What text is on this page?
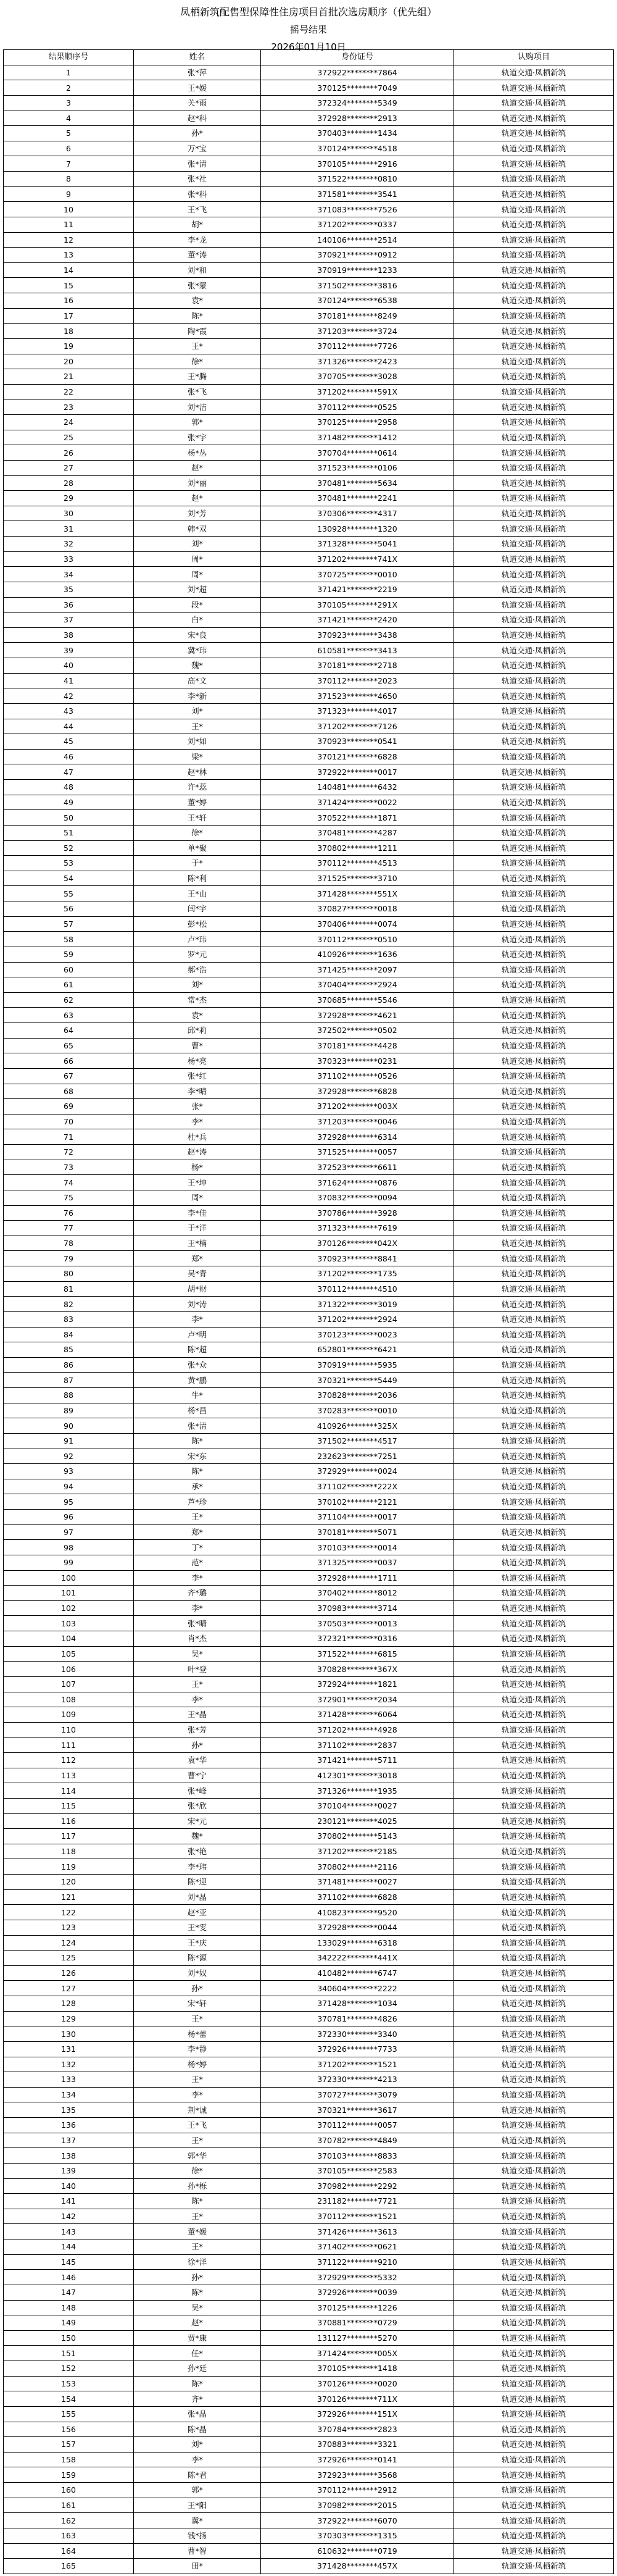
凤栖新筑配售型保障性住房项目首批次选房顺序（优先组）
摇号结果
2026年01月10日
结果顺序号	姓名	身份证号	认购项目
1	张*萍	372922********7864	轨道交通·凤栖新筑
2	王*媛	370125********7049	轨道交通·凤栖新筑
3	关*雨	372324********5349	轨道交通·凤栖新筑
4	赵*科	372928********2913	轨道交通·凤栖新筑
5	孙*	370403********1434	轨道交通·凤栖新筑
6	万*宝	370124********4518	轨道交通·凤栖新筑
7	张*清	370105********2916	轨道交通·凤栖新筑
8	张*社	371522********0810	轨道交通·凤栖新筑
9	张*科	371581********3541	轨道交通·凤栖新筑
10	王*飞	371083********7526	轨道交通·凤栖新筑
11	胡*	371202********0337	轨道交通·凤栖新筑
12	李*龙	140106********2514	轨道交通·凤栖新筑
13	董*涛	370921********0912	轨道交通·凤栖新筑
14	刘*和	370919********1233	轨道交通·凤栖新筑
15	张*蒙	371502********3816	轨道交通·凤栖新筑
16	袁*	370124********6538	轨道交通·凤栖新筑
17	陈*	370181********8249	轨道交通·凤栖新筑
18	陶*霞	371203********3724	轨道交通·凤栖新筑
19	王*	370112********7726	轨道交通·凤栖新筑
20	徐*	371326********2423	轨道交通·凤栖新筑
21	王*腾	370705********3028	轨道交通·凤栖新筑
22	张*飞	371202********591X	轨道交通·凤栖新筑
23	刘*洁	370112********0525	轨道交通·凤栖新筑
24	郭*	370125********2958	轨道交通·凤栖新筑
25	张*宇	371482********1412	轨道交通·凤栖新筑
26	杨*丛	370704********0614	轨道交通·凤栖新筑
27	赵*	371523********0106	轨道交通·凤栖新筑
28	刘*丽	370481********5634	轨道交通·凤栖新筑
29	赵*	370481********2241	轨道交通·凤栖新筑
30	刘*芳	370306********4317	轨道交通·凤栖新筑
31	韩*双	130928********1320	轨道交通·凤栖新筑
32	刘*	371328********5041	轨道交通·凤栖新筑
33	周*	371202********741X	轨道交通·凤栖新筑
34	周*	370725********0010	轨道交通·凤栖新筑
35	刘*超	371421********2219	轨道交通·凤栖新筑
36	段*	370105********291X	轨道交通·凤栖新筑
37	白*	371421********2420	轨道交通·凤栖新筑
38	宋*良	370923********3438	轨道交通·凤栖新筑
39	冀*玮	610581********3413	轨道交通·凤栖新筑
40	魏*	370181********2718	轨道交通·凤栖新筑
41	高*文	370112********2023	轨道交通·凤栖新筑
42	李*新	371523********4650	轨道交通·凤栖新筑
43	刘*	371323********4017	轨道交通·凤栖新筑
44	王*	371202********7126	轨道交通·凤栖新筑
45	刘*如	370923********0541	轨道交通·凤栖新筑
46	梁*	370121********6828	轨道交通·凤栖新筑
47	赵*林	372922********0017	轨道交通·凤栖新筑
48	许*蕊	140481********6432	轨道交通·凤栖新筑
49	董*婷	371424********0022	轨道交通·凤栖新筑
50	王*轩	370522********1871	轨道交通·凤栖新筑
51	徐*	370481********4287	轨道交通·凤栖新筑
52	单*聚	370802********1211	轨道交通·凤栖新筑
53	于*	370112********4513	轨道交通·凤栖新筑
54	陈*利	371525********3710	轨道交通·凤栖新筑
55	王*山	371428********551X	轨道交通·凤栖新筑
56	闫*宇	370827********0018	轨道交通·凤栖新筑
57	彭*松	370406********0074	轨道交通·凤栖新筑
58	卢*玮	370112********0510	轨道交通·凤栖新筑
59	罗*元	410926********1636	轨道交通·凤栖新筑
60	郝*浩	371425********2097	轨道交通·凤栖新筑
61	刘*	370404********2924	轨道交通·凤栖新筑
62	常*杰	370685********5546	轨道交通·凤栖新筑
63	袁*	372928********4621	轨道交通·凤栖新筑
64	邱*莉	372502********0502	轨道交通·凤栖新筑
65	曹*	370181********4428	轨道交通·凤栖新筑
66	杨*亮	370323********0231	轨道交通·凤栖新筑
67	张*红	371102********0526	轨道交通·凤栖新筑
68	李*晴	372928********6828	轨道交通·凤栖新筑
69	张*	371202********003X	轨道交通·凤栖新筑
70	李*	371203********0046	轨道交通·凤栖新筑
71	杜*兵	372928********6314	轨道交通·凤栖新筑
72	赵*涛	371525********0057	轨道交通·凤栖新筑
73	杨*	372523********6611	轨道交通·凤栖新筑
74	王*坤	371624********0876	轨道交通·凤栖新筑
75	周*	370832********0094	轨道交通·凤栖新筑
76	李*佳	370786********3928	轨道交通·凤栖新筑
77	于*洋	371323********7619	轨道交通·凤栖新筑
78	王*楠	370126********042X	轨道交通·凤栖新筑
79	郑*	370923********8841	轨道交通·凤栖新筑
80	吴*青	371202********1735	轨道交通·凤栖新筑
81	胡*财	370112********4510	轨道交通·凤栖新筑
82	刘*涛	371322********3019	轨道交通·凤栖新筑
83	李*	371202********2924	轨道交通·凤栖新筑
84	卢*明	370123********0023	轨道交通·凤栖新筑
85	陈*超	652801********6421	轨道交通·凤栖新筑
86	张*众	370919********5935	轨道交通·凤栖新筑
87	黄*鹏	370321********5449	轨道交通·凤栖新筑
88	牛*	370828********2036	轨道交通·凤栖新筑
89	杨*昌	370283********0010	轨道交通·凤栖新筑
90	张*清	410926********325X	轨道交通·凤栖新筑
91	陈*	371502********4517	轨道交通·凤栖新筑
92	宋*东	232623********7251	轨道交通·凤栖新筑
93	陈*	372929********0024	轨道交通·凤栖新筑
94	承*	371102********222X	轨道交通·凤栖新筑
95	芦*珍	370102********2121	轨道交通·凤栖新筑
96	王*	371104********0017	轨道交通·凤栖新筑
97	郑*	370181********5071	轨道交通·凤栖新筑
98	丁*	370103********0014	轨道交通·凤栖新筑
99	范*	371325********0037	轨道交通·凤栖新筑
100	李*	372928********1711	轨道交通·凤栖新筑
101	齐*璐	370402********8012	轨道交通·凤栖新筑
102	李*	370983********3714	轨道交通·凤栖新筑
103	张*晴	370503********0013	轨道交通·凤栖新筑
104	肖*杰	372321********0316	轨道交通·凤栖新筑
105	吴*	371522********6815	轨道交通·凤栖新筑
106	叶*登	370828********367X	轨道交通·凤栖新筑
107	王*	372924********1821	轨道交通·凤栖新筑
108	李*	372901********2034	轨道交通·凤栖新筑
109	王*晶	371428********6064	轨道交通·凤栖新筑
110	张*芳	371202********4928	轨道交通·凤栖新筑
111	孙*	371102********2837	轨道交通·凤栖新筑
112	袁*华	371421********5711	轨道交通·凤栖新筑
113	曹*宁	412301********3018	轨道交通·凤栖新筑
114	张*峰	371326********1935	轨道交通·凤栖新筑
115	张*欣	370104********0027	轨道交通·凤栖新筑
116	宋*元	230121********4025	轨道交通·凤栖新筑
117	魏*	370802********5143	轨道交通·凤栖新筑
118	张*艳	371202********2185	轨道交通·凤栖新筑
119	李*玮	370802********2116	轨道交通·凤栖新筑
120	陈*迎	371481********0027	轨道交通·凤栖新筑
121	刘*晶	371102********6828	轨道交通·凤栖新筑
122	赵*亚	410823********9520	轨道交通·凤栖新筑
123	王*雯	372928********0044	轨道交通·凤栖新筑
124	王*庆	133029********6318	轨道交通·凤栖新筑
125	陈*源	342222********441X	轨道交通·凤栖新筑
126	刘*奴	410482********6747	轨道交通·凤栖新筑
127	孙*	340604********2222	轨道交通·凤栖新筑
128	宋*轩	371428********1034	轨道交通·凤栖新筑
129	王*	370781********4826	轨道交通·凤栖新筑
130	杨*蕾	372330********3340	轨道交通·凤栖新筑
131	李*静	372926********7733	轨道交通·凤栖新筑
132	杨*婷	371202********1521	轨道交通·凤栖新筑
133	王*	372330********4213	轨道交通·凤栖新筑
134	李*	370727********3079	轨道交通·凤栖新筑
135	荆*诚	370321********3617	轨道交通·凤栖新筑
136	王*飞	370112********0057	轨道交通·凤栖新筑
137	王*	370782********4849	轨道交通·凤栖新筑
138	郭*华	370103********8833	轨道交通·凤栖新筑
139	徐*	370105********2583	轨道交通·凤栖新筑
140	孙*栎	370982********2292	轨道交通·凤栖新筑
141	陈*	231182********7721	轨道交通·凤栖新筑
142	王*	370112********1521	轨道交通·凤栖新筑
143	董*媛	371426********3613	轨道交通·凤栖新筑
144	王*	371402********0621	轨道交通·凤栖新筑
145	徐*洋	371122********9210	轨道交通·凤栖新筑
146	孙*	372929********5332	轨道交通·凤栖新筑
147	陈*	372926********0039	轨道交通·凤栖新筑
148	吴*	370125********1226	轨道交通·凤栖新筑
149	赵*	370881********0729	轨道交通·凤栖新筑
150	贾*康	131127********5270	轨道交通·凤栖新筑
151	任*	371424********005X	轨道交通·凤栖新筑
152	孙*廷	370105********1418	轨道交通·凤栖新筑
153	陈*	370126********0020	轨道交通·凤栖新筑
154	齐*	370126********711X	轨道交通·凤栖新筑
155	张*晶	372926********151X	轨道交通·凤栖新筑
156	陈*晶	370784********2823	轨道交通·凤栖新筑
157	刘*	370883********3321	轨道交通·凤栖新筑
158	李*	372926********0141	轨道交通·凤栖新筑
159	陈*君	372923********3568	轨道交通·凤栖新筑
160	郭*	370112********2912	轨道交通·凤栖新筑
161	王*阳	370982********2015	轨道交通·凤栖新筑
162	冀*	372922********6070	轨道交通·凤栖新筑
163	钱*扬	370303********1315	轨道交通·凤栖新筑
164	曹*智	610632********0719	轨道交通·凤栖新筑
165	田*	371428********457X	轨道交通·凤栖新筑
